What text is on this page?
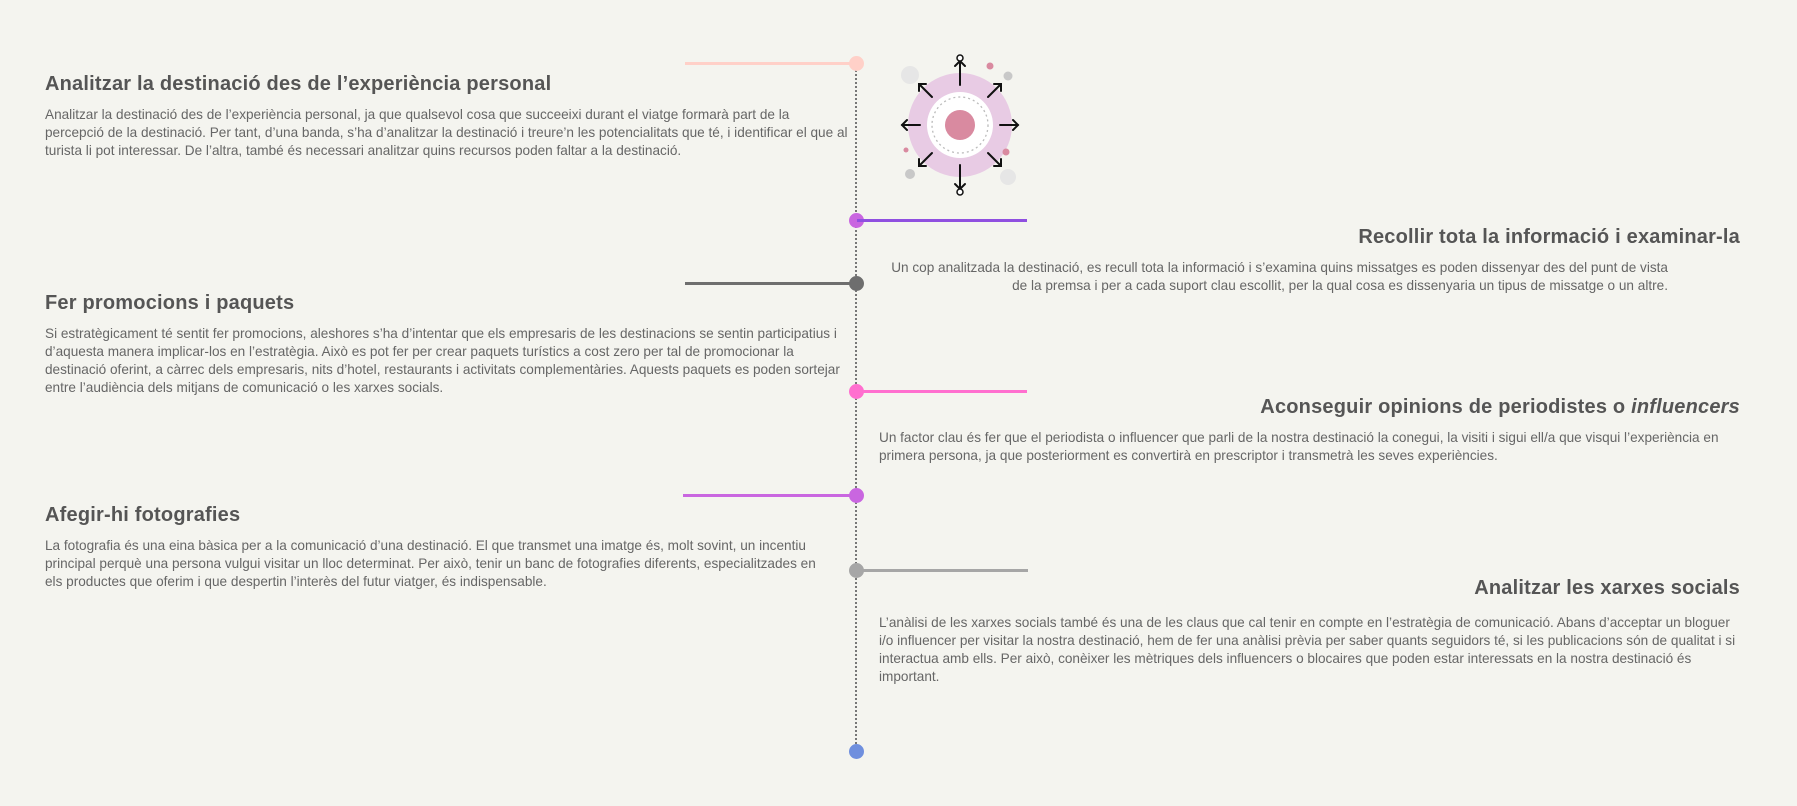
Analitzar la destinació des de l’experiència personal

Analitzar la destinació des de l’experiència personal, ja que qualsevol cosa que succeeixi durant el viatge formarà part de la percepció de la destinació. Per tant, d’una banda, s’ha d’analitzar la destinació i treure’n les potencialitats que té, i identificar el que al turista li pot interessar. De l’altra, també és necessari analitzar quins recursos poden faltar a la destinació.

Recollir tota la informació i examinar-la

Un cop analitzada la destinació, es recull tota la informació i s’examina quins missatges es poden dissenyar des del punt de vista de la premsa i per a cada suport clau escollit, per la qual cosa es dissenyaria un tipus de missatge o un altre.

Fer promocions i paquets

Si estratègicament té sentit fer promocions, aleshores s’ha d’intentar que els empresaris de les destinacions se sentin participatius i d’aquesta manera implicar-los en l’estratègia. Això es pot fer per crear paquets turístics a cost zero per tal de promocionar la destinació oferint, a càrrec dels empresaris, nits d’hotel, restaurants i activitats complementàries. Aquests paquets es poden sortejar entre l’audiència dels mitjans de comunicació o les xarxes socials.

Aconseguir opinions de periodistes o influencers

Un factor clau és fer que el periodista o influencer que parli de la nostra destinació la conegui, la visiti i sigui ell/a que visqui l’experiència en primera persona, ja que posteriorment es convertirà en prescriptor i transmetrà les seves experiències.

Afegir-hi fotografies

La fotografia és una eina bàsica per a la comunicació d’una destinació. El que transmet una imatge és, molt sovint, un incentiu principal perquè una persona vulgui visitar un lloc determinat. Per això, tenir un banc de fotografies diferents, especialitzades en els productes que oferim i que despertin l’interès del futur viatger, és indispensable.	Analitzar les xarxes socials

L’anàlisi de les xarxes socials també és una de les claus que cal tenir en compte en l’estratègia de comunicació. Abans d’acceptar un bloguer i/o influencer per visitar la nostra destinació, hem de fer una anàlisi prèvia per saber quants seguidors té, si les publicacions són de qualitat i si interactua amb ells. Per això, conèixer les mètriques dels influencers o blocaires que poden estar interessats en la nostra destinació és important.
